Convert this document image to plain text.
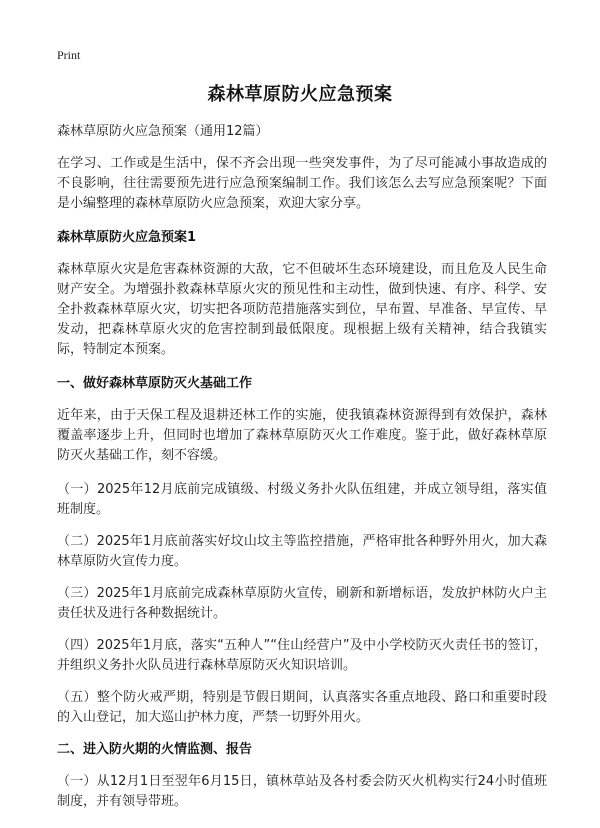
Print
森林草原防火应急预案

森林草原防火应急预案（通用12篇）

在学习、工作或是生活中，保不齐会出现一些突发事件，为了尽可能减小事故造成的不良影响，往往需要预先进行应急预案编制工作。我们该怎么去写应急预案呢？下面是小编整理的森林草原防火应急预案，欢迎大家分享。

森林草原防火应急预案1

森林草原火灾是危害森林资源的大敌，它不但破坏生态环境建设，而且危及人民生命财产安全。为增强扑救森林草原火灾的预见性和主动性，做到快速、有序、科学、安全扑救森林草原火灾，切实把各项防范措施落实到位，早布置、早准备、早宣传、早发动，把森林草原火灾的危害控制到最低限度。现根据上级有关精神，结合我镇实际，特制定本预案。

一、做好森林草原防灭火基础工作

近年来，由于天保工程及退耕还林工作的实施，使我镇森林资源得到有效保护，森林覆盖率逐步上升，但同时也增加了森林草原防灭火工作难度。鉴于此，做好森林草原防灭火基础工作，刻不容缓。

（一）2025年12月底前完成镇级、村级义务扑火队伍组建，并成立领导组，落实值班制度。

（二）2025年1月底前落实好坟山坟主等监控措施，严格审批各种野外用火，加大森林草原防火宣传力度。

（三）2025年1月底前完成森林草原防火宣传，刷新和新增标语，发放护林防火户主责任状及进行各种数据统计。

（四）2025年1月底，落实“五种人”“住山经营户”及中小学校防灭火责任书的签订，并组织义务扑火队员进行森林草原防灭火知识培训。

（五）整个防火戒严期，特别是节假日期间，认真落实各重点地段、路口和重要时段的入山登记，加大巡山护林力度，严禁一切野外用火。

二、进入防火期的火情监测、报告

（一）从12月1日至翌年6月15日，镇林草站及各村委会防灭火机构实行24小时值班制度，并有领导带班。
